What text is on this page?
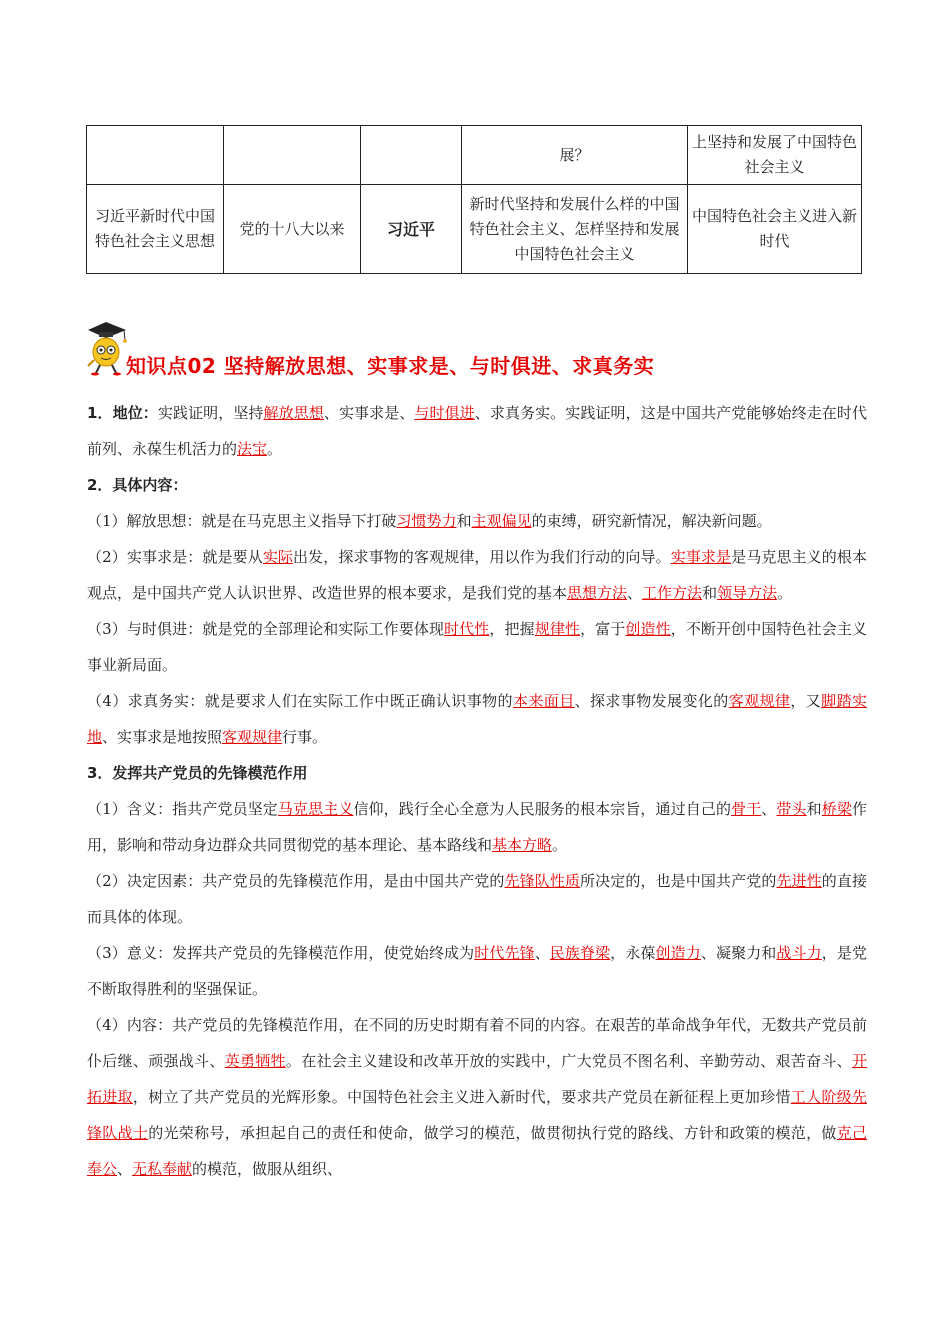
			展？	上坚持和发展了中国特色社会主义
习近平新时代中国特色社会主义思想	党的十八大以来	习近平	新时代坚持和发展什么样的中国特色社会主义、怎样坚持和发展中国特色社会主义	中国特色社会主义进入新时代
知识点02 坚持解放思想、实事求是、与时俱进、求真务实

1．地位：实践证明，坚持解放思想、实事求是、与时俱进、求真务实。实践证明，这是中国共产党能够始终走在时代前列、永葆生机活力的法宝。

2．具体内容：

（1）解放思想：就是在马克思主义指导下打破习惯势力和主观偏见的束缚，研究新情况，解决新问题。

（2）实事求是：就是要从实际出发，探求事物的客观规律，用以作为我们行动的向导。实事求是是马克思主义的根本观点，是中国共产党人认识世界、改造世界的根本要求，是我们党的基本思想方法、工作方法和领导方法。

（3）与时俱进：就是党的全部理论和实际工作要体现时代性，把握规律性，富于创造性，不断开创中国特色社会主义事业新局面。

（4）求真务实：就是要求人们在实际工作中既正确认识事物的本来面目、探求事物发展变化的客观规律，又脚踏实地、实事求是地按照客观规律行事。

3．发挥共产党员的先锋模范作用

（1）含义：指共产党员坚定马克思主义信仰，践行全心全意为人民服务的根本宗旨，通过自己的骨干、带头和桥梁作用，影响和带动身边群众共同贯彻党的基本理论、基本路线和基本方略。

（2）决定因素：共产党员的先锋模范作用，是由中国共产党的先锋队性质所决定的，也是中国共产党的先进性的直接而具体的体现。

（3）意义：发挥共产党员的先锋模范作用，使党始终成为时代先锋、民族脊梁，永葆创造力、凝聚力和战斗力，是党不断取得胜利的坚强保证。

（4）内容：共产党员的先锋模范作用，在不同的历史时期有着不同的内容。在艰苦的革命战争年代，无数共产党员前仆后继、顽强战斗、英勇牺牲。在社会主义建设和改革开放的实践中，广大党员不图名利、辛勤劳动、艰苦奋斗、开拓进取，树立了共产党员的光辉形象。中国特色社会主义进入新时代，要求共产党员在新征程上更加珍惜工人阶级先锋队战士的光荣称号，承担起自己的责任和使命，做学习的模范，做贯彻执行党的路线、方针和政策的模范，做克己奉公、无私奉献的模范，做服从组织、
